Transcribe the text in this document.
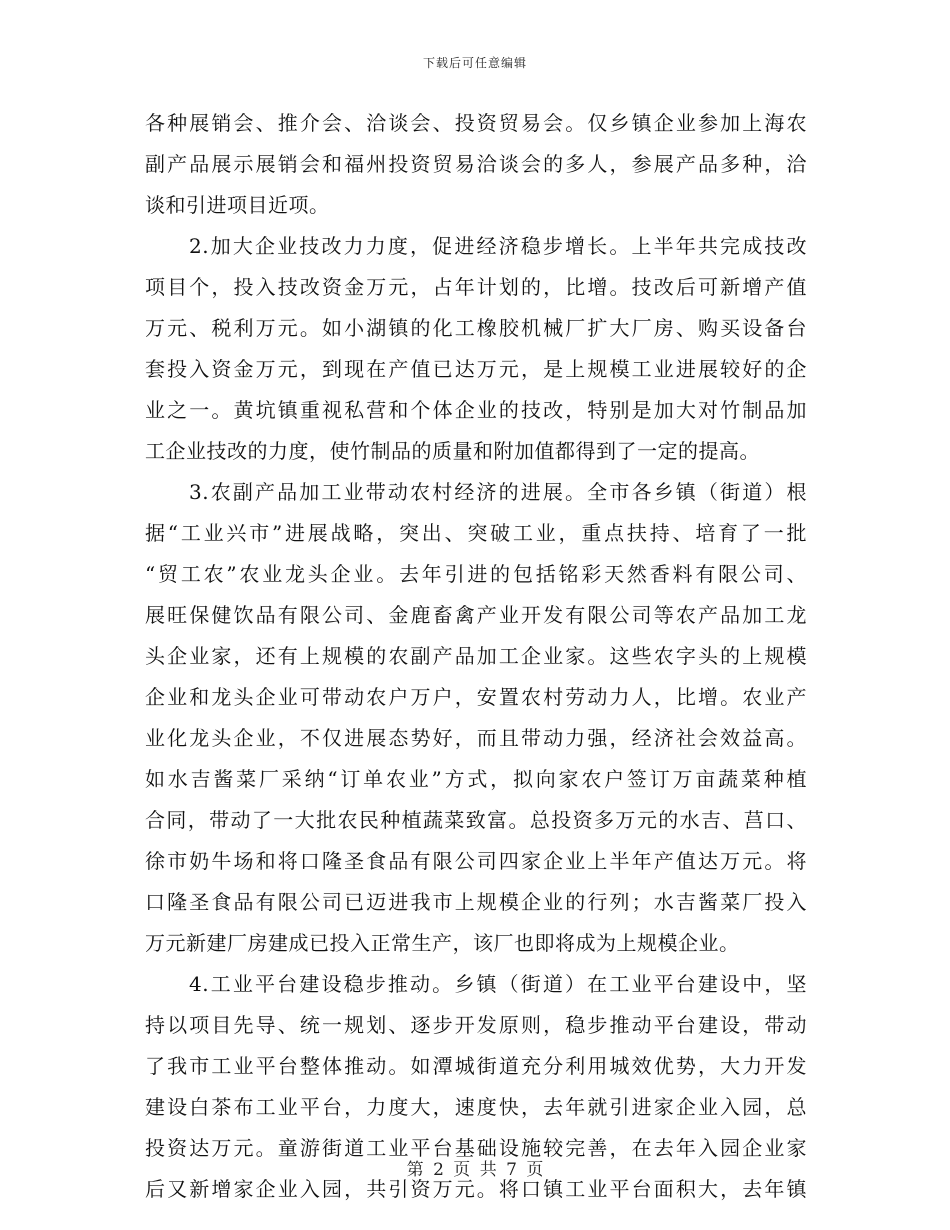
下载后可任意编辑
各种展销会、推介会、洽谈会、投资贸易会。仅乡镇企业参加上海农
副产品展示展销会和福州投资贸易洽谈会的多人，参展产品多种，洽
谈和引进项目近项。
2.加大企业技改力力度，促进经济稳步增长。上半年共完成技改
项目个，投入技改资金万元，占年计划的，比增。技改后可新增产值
万元、税利万元。如小湖镇的化工橡胶机械厂扩大厂房、购买设备台
套投入资金万元，到现在产值已达万元，是上规模工业进展较好的企
业之一。黄坑镇重视私营和个体企业的技改，特别是加大对竹制品加
工企业技改的力度，使竹制品的质量和附加值都得到了一定的提高。
3.农副产品加工业带动农村经济的进展。全市各乡镇（街道）根
据“工业兴市”进展战略，突出、突破工业，重点扶持、培育了一批
“贸工农”农业龙头企业。去年引进的包括铭彩天然香料有限公司、
展旺保健饮品有限公司、金鹿畜禽产业开发有限公司等农产品加工龙
头企业家，还有上规模的农副产品加工企业家。这些农字头的上规模
企业和龙头企业可带动农户万户，安置农村劳动力人，比增。农业产
业化龙头企业，不仅进展态势好，而且带动力强，经济社会效益高。
如水吉酱菜厂采纳“订单农业”方式，拟向家农户签订万亩蔬菜种植
合同，带动了一大批农民种植蔬菜致富。总投资多万元的水吉、莒口、
徐市奶牛场和将口隆圣食品有限公司四家企业上半年产值达万元。将
口隆圣食品有限公司已迈进我市上规模企业的行列；水吉酱菜厂投入
万元新建厂房建成已投入正常生产，该厂也即将成为上规模企业。
4.工业平台建设稳步推动。乡镇（街道）在工业平台建设中，坚
持以项目先导、统一规划、逐步开发原则，稳步推动平台建设，带动
了我市工业平台整体推动。如潭城街道充分利用城效优势，大力开发
建设白茶布工业平台，力度大，速度快，去年就引进家企业入园，总
投资达万元。童游街道工业平台基础设施较完善，在去年入园企业家
后又新增家企业入园，共引资万元。将口镇工业平台面积大，去年镇
第 2 页 共 7 页
